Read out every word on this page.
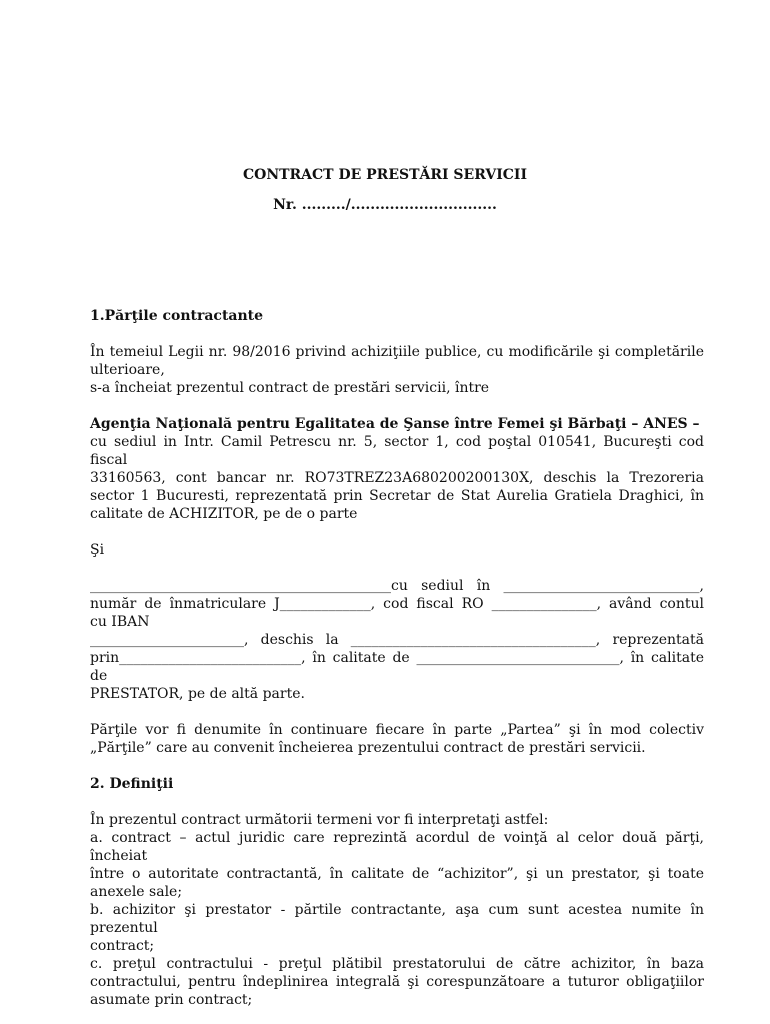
CONTRACT DE PRESTĂRI SERVICII
Nr. ........./..............................
1.Părţile contractante

În temeiul Legii nr. 98/2016 privind achiziţiile publice, cu modificările şi completările

ulterioare,

s-a încheiat prezentul contract de prestări servicii, între

Agenţia Naţională pentru Egalitatea de Şanse între Femei şi Bărbaţi – ANES –

cu sediul in Intr. Camil Petrescu nr. 5, sector 1, cod poştal 010541, Bucureşti cod fiscal

33160563, cont bancar nr. RO73TREZ23A680200200130X, deschis la Trezoreria

sector 1 Bucuresti, reprezentată prin Secretar de Stat Aurelia Gratiela Draghici, în

calitate de ACHIZITOR, pe de o parte

Şi

___________________________________________cu sediul în ____________________________,

număr de înmatriculare J_____________, cod fiscal RO _______________, având contul

cu IBAN

______________________, deschis la ___________________________________, reprezentată

prin__________________________, în calitate de _____________________________, în calitate de

PRESTATOR, pe de altă parte.

Părţile vor fi denumite în continuare fiecare în parte „Partea” şi în mod colectiv

„Părţile” care au convenit încheierea prezentului contract de prestări servicii.

2. Definiţii

În prezentul contract următorii termeni vor fi interpretaţi astfel:

a. contract – actul juridic care reprezintă acordul de voinţă al celor două părţi, încheiat

între o autoritate contractantă, în calitate de “achizitor”, şi un prestator, şi toate

anexele sale;

b. achizitor şi prestator - părtile contractante, aşa cum sunt acestea numite în

prezentul

contract;

c. preţul contractului - preţul plătibil prestatorului de către achizitor, în baza

contractului, pentru îndeplinirea integrală şi corespunzătoare a tuturor obligaţiilor

asumate prin contract;
